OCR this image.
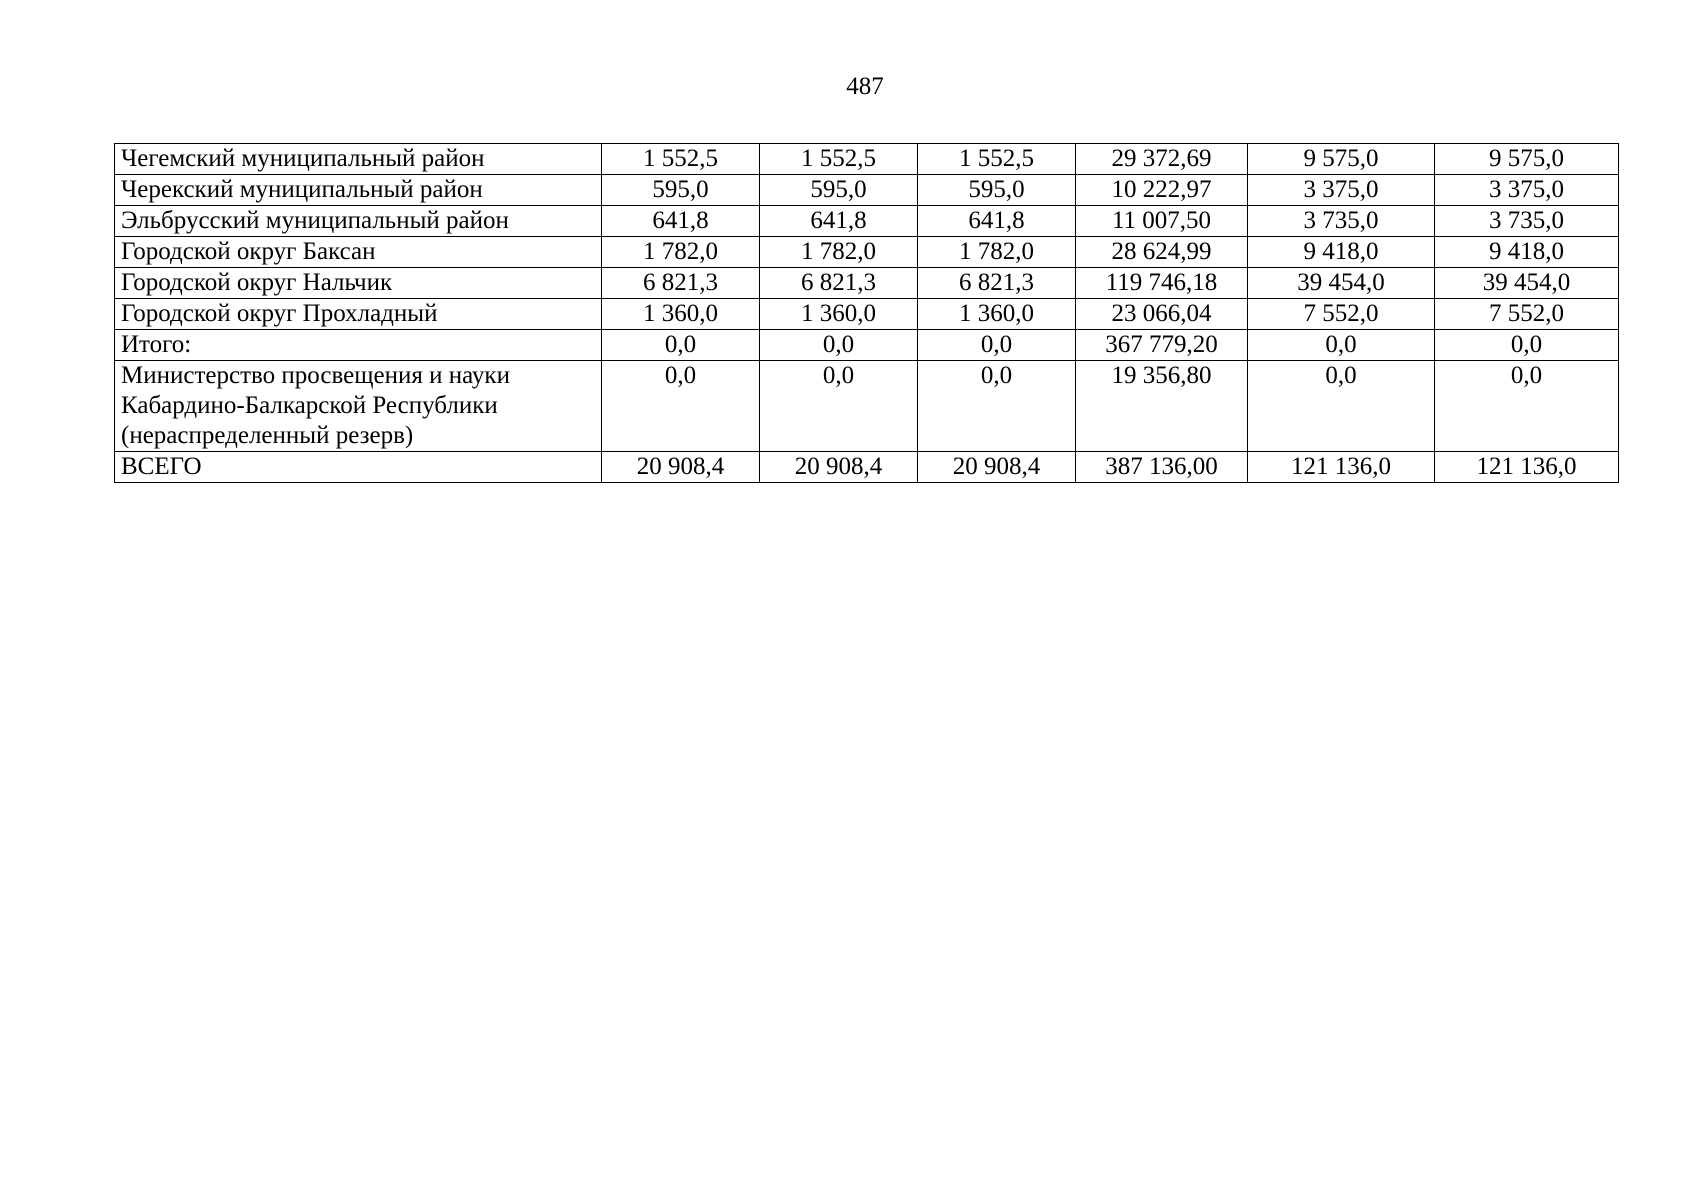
487
Чегемский муниципальный район	1 552,5	1 552,5	1 552,5	29 372,69	9 575,0	9 575,0
Черекский муниципальный район	595,0	595,0	595,0	10 222,97	3 375,0	3 375,0
Эльбрусский муниципальный район	641,8	641,8	641,8	11 007,50	3 735,0	3 735,0
Городской округ Баксан	1 782,0	1 782,0	1 782,0	28 624,99	9 418,0	9 418,0
Городской округ Нальчик	6 821,3	6 821,3	6 821,3	119 746,18	39 454,0	39 454,0
Городской округ Прохладный	1 360,0	1 360,0	1 360,0	23 066,04	7 552,0	7 552,0
Итого:	0,0	0,0	0,0	367 779,20	0,0	0,0
Министерство просвещения и науки Кабардино-Балкарской Республики (нераспределенный резерв)	0,0	0,0	0,0	19 356,80	0,0	0,0
ВСЕГО	20 908,4	20 908,4	20 908,4	387 136,00	121 136,0	121 136,0
